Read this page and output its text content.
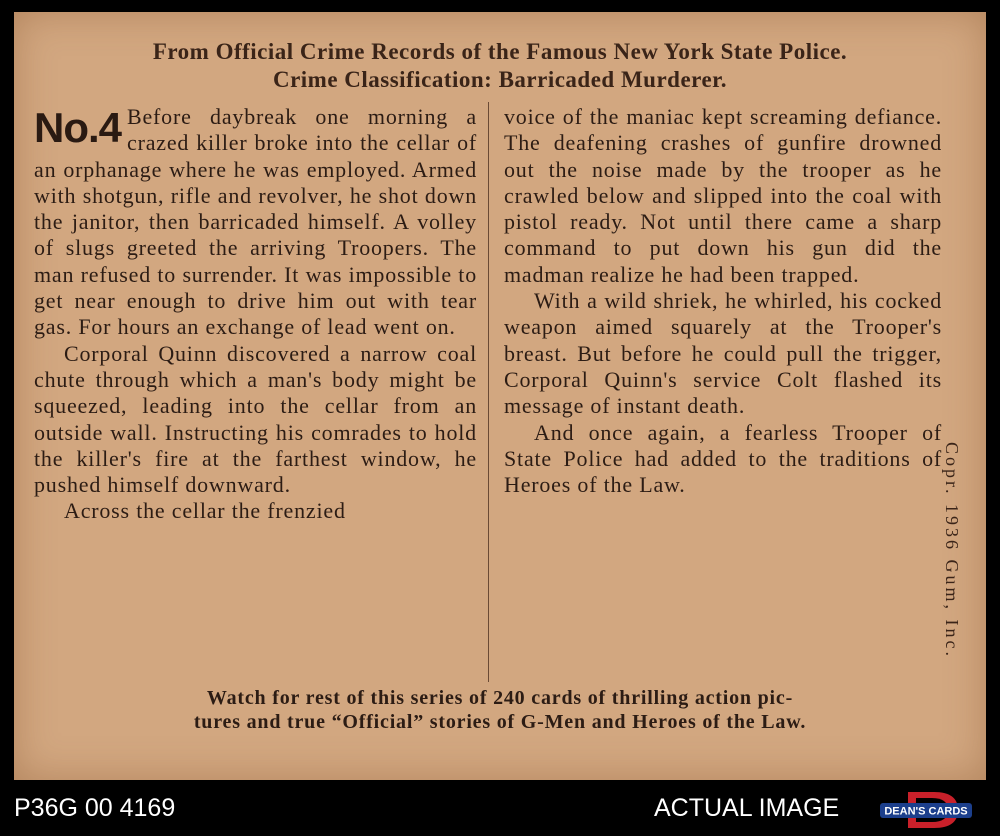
From Official Crime Records of the Famous New York State Police.
Crime Classification: Barricaded Murderer.

No.4 Before daybreak one morning a crazed killer broke into the cellar of an orphanage where he was employed. Armed with shotgun, rifle and revolver, he shot down the janitor, then barricaded himself. A volley of slugs greeted the arriving Troopers. The man refused to surrender. It was impossible to get near enough to drive him out with tear gas. For hours an exchange of lead went on.

Corporal Quinn discovered a narrow coal chute through which a man's body might be squeezed, leading into the cellar from an outside wall. Instructing his comrades to hold the killer's fire at the farthest window, he pushed himself downward.

Across the cellar the frenzied

voice of the maniac kept screaming defiance. The deafening crashes of gunfire drowned out the noise made by the trooper as he crawled below and slipped into the coal with pistol ready. Not until there came a sharp command to put down his gun did the madman realize he had been trapped.

With a wild shriek, he whirled, his cocked weapon aimed squarely at the Trooper's breast. But before he could pull the trigger, Corporal Quinn's service Colt flashed its message of instant death.

And once again, a fearless Trooper of State Police had added to the traditions of Heroes of the Law.	Copr. 1936 Gum, Inc.
Watch for rest of this series of 240 cards of thrilling action pic-
tures and true “Official” stories of G-Men and Heroes of the Law.
P36G 00 4169	ACTUAL IMAGE	DEAN'S CARDS
